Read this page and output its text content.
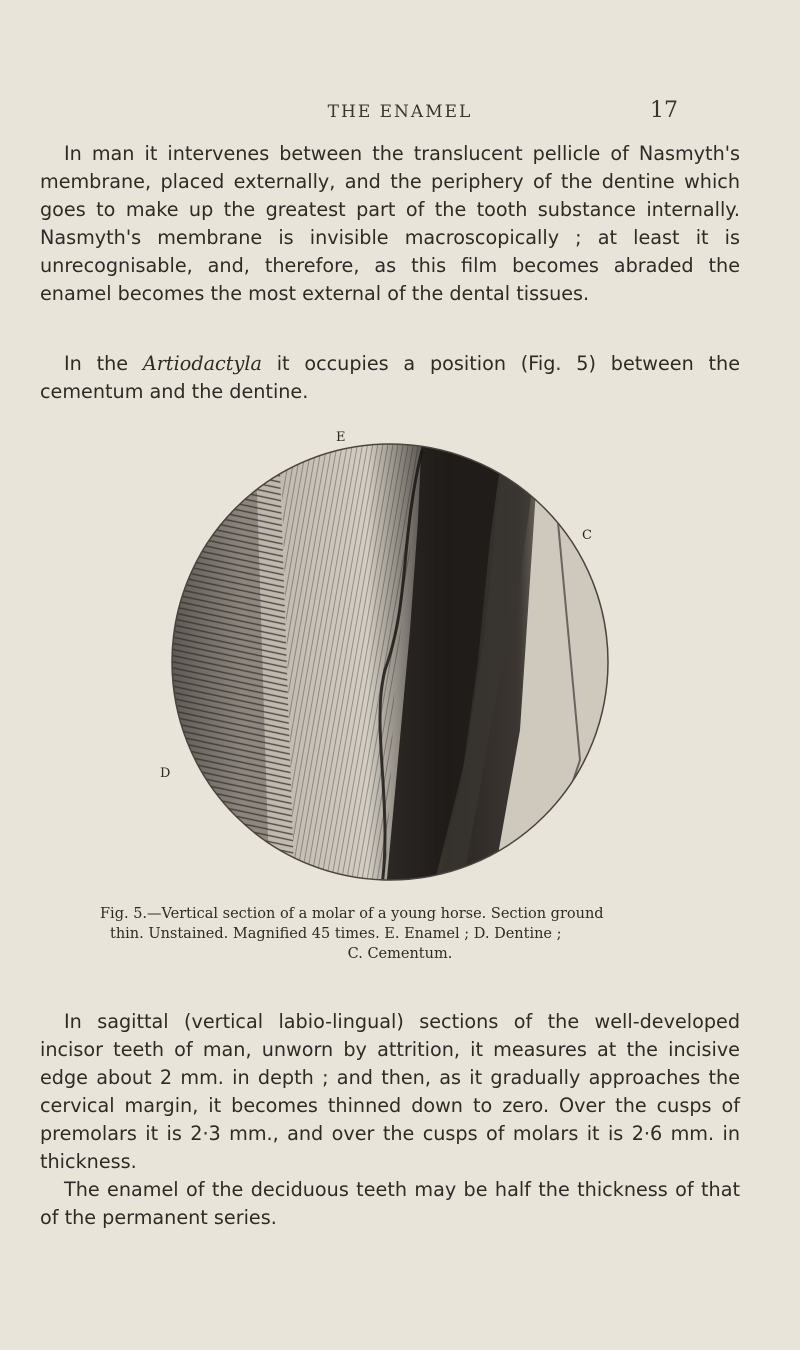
THE ENAMEL	17

In man it intervenes between the translucent pellicle of Nasmyth's membrane, placed externally, and the periphery of the dentine which goes to make up the greatest part of the tooth substance internally. Nasmyth's membrane is invisible macroscopically ; at least it is unrecognisable, and, therefore, as this film becomes abraded the enamel becomes the most external of the dental tissues.

In the Artiodactyla it occupies a position (Fig. 5) between the cementum and the dentine.

E
C
D
Fig. 5.—Vertical section of a molar of a young horse. Section ground
thin. Unstained. Magnified 45 times. E. Enamel ; D. Dentine ;
C. Cementum.

In sagittal (vertical labio-lingual) sections of the well-developed incisor teeth of man, unworn by attrition, it measures at the incisive edge about 2 mm. in depth ; and then, as it gradually approaches the cervical margin, it becomes thinned down to zero. Over the cusps of premolars it is 2·3 mm., and over the cusps of molars it is 2·6 mm. in thickness.

The enamel of the deciduous teeth may be half the thickness of that of the permanent series.
